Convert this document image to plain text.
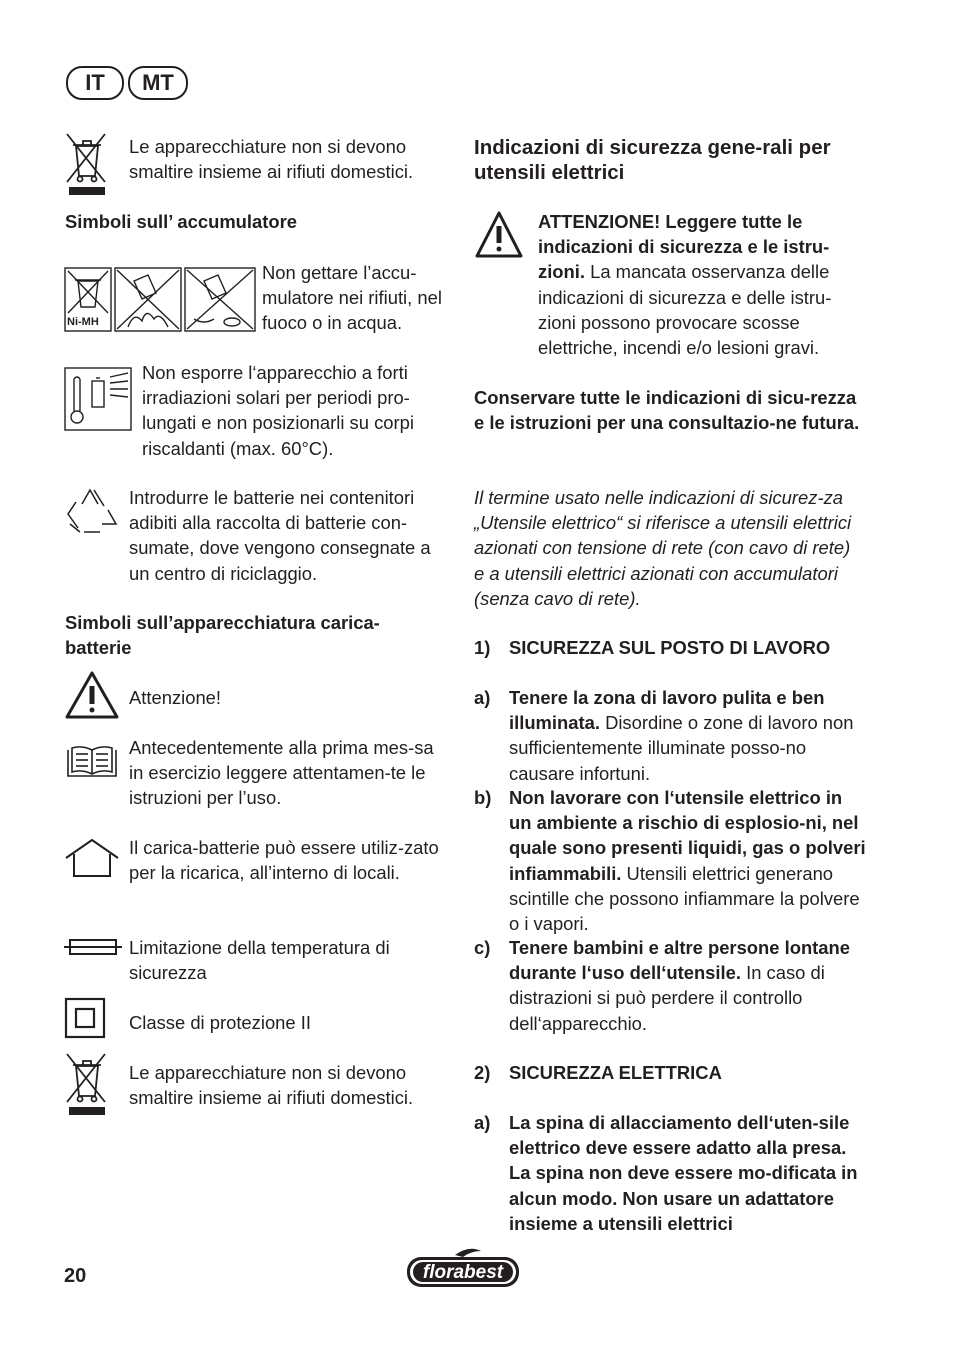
IT	MT
Le apparecchiature non si devono smaltire insieme ai rifiuti domestici.
Simboli sull’ accumulatore
Ni-MH
Non gettare l’accu-mulatore nei rifiuti, nel fuoco o in acqua.
Non esporre l‘apparecchio a forti irradiazioni solari per periodi pro-lungati e non posizionarli su corpi riscaldanti (max. 60°C).
Introdurre le batterie nei contenitori adibiti alla raccolta di batterie con-sumate, dove vengono consegnate a un centro di riciclaggio.
Simboli sull’apparecchiatura carica-batterie
Attenzione!
Antecedentemente alla prima mes-sa in esercizio leggere attentamen-te le istruzioni per l’uso.
Il carica-batterie può essere utiliz-zato per la ricarica, all’interno di locali.
Limitazione della temperatura di sicurezza
Classe di protezione II
Le apparecchiature non si devono smaltire insieme ai rifiuti domestici.
Indicazioni di sicurezza gene-rali per utensili elettrici
ATTENZIONE! Leggere tutte le indicazioni di sicurezza e le istru-zioni. La mancata osservanza delle indicazioni di sicurezza e delle istru-zioni possono provocare scosse elettriche, incendi e/o lesioni gravi.
Conservare tutte le indicazioni di sicu-rezza e le istruzioni per una consultazio-ne futura.
Il termine usato nelle indicazioni di sicurez-za „Utensile elettrico“ si riferisce a utensili elettrici azionati con tensione di rete (con cavo di rete) e a utensili elettrici azionati con accumulatori (senza cavo di rete).
1)	SICUREZZA SUL POSTO DI LAVORO
a)	Tenere la zona di lavoro pulita e ben illuminata. Disordine o zone di lavoro non sufficientemente illuminate posso-no causare infortuni.
b) Non lavorare con l‘utensile elettrico in un ambiente a rischio di esplosio-ni, nel quale sono presenti liquidi, gas o polveri infiammabili. Utensili elettrici generano scintille che possono infiammare la polvere o i vapori.
c)	Tenere bambini e altre persone lontane durante l‘uso dell‘utensile. In caso di distrazioni si può perdere il controllo dell‘apparecchio.
2)	SICUREZZA ELETTRICA
a)	La spina di allacciamento dell‘uten-sile elettrico deve essere adatto alla presa. La spina non deve essere mo-dificata in alcun modo. Non usare un adattatore insieme a utensili elettrici
20	florabest
